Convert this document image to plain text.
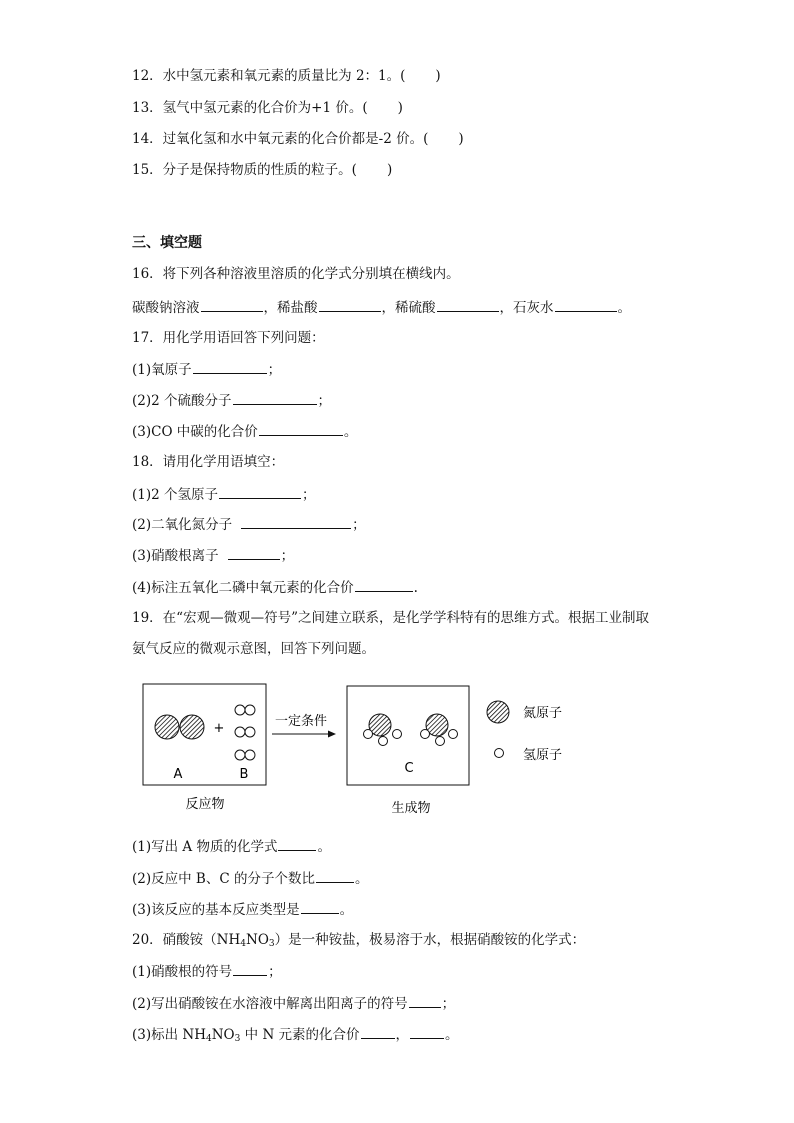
12．水中氢元素和氧元素的质量比为 2：1。( )
13．氢气中氢元素的化合价为+1 价。( )
14．过氧化氢和水中氧元素的化合价都是-2 价。( )
15．分子是保持物质的性质的粒子。( )
三、填空题
16．将下列各种溶液里溶质的化学式分别填在横线内。
碳酸钠溶液	，稀盐酸	，稀硫酸	，石灰水	。
17．用化学用语回答下列问题：
(1)氧原子	；
(2)2 个硫酸分子	；
(3)CO 中碳的化合价	。
18．请用化学用语填空：
(1)2 个氢原子	；
(2)二氧化氮分子	；
(3)硝酸根离子	；
(4)标注五氧化二磷中氧元素的化合价	.
19．在“宏观—微观—符号”之间建立联系，是化学学科特有的思维方式。根据工业制取
氨气反应的微观示意图，回答下列问题。
+
A	B
反应物
一定条件
C
生成物
氮原子
氢原子
(1)写出 A 物质的化学式	。
(2)反应中 B、C 的分子个数比	。
(3)该反应的基本反应类型是	。
20．硝酸铵$(NH_4NO_3)$是一种铵盐，极易溶于水，根据硝酸铵的化学式：
(1)硝酸根的符号	；
(2)写出硝酸铵在水溶液中解离出阳离子的符号	；
(3)标出 $NH_4NO_3$ 中 N 元素的化合价	，	。
